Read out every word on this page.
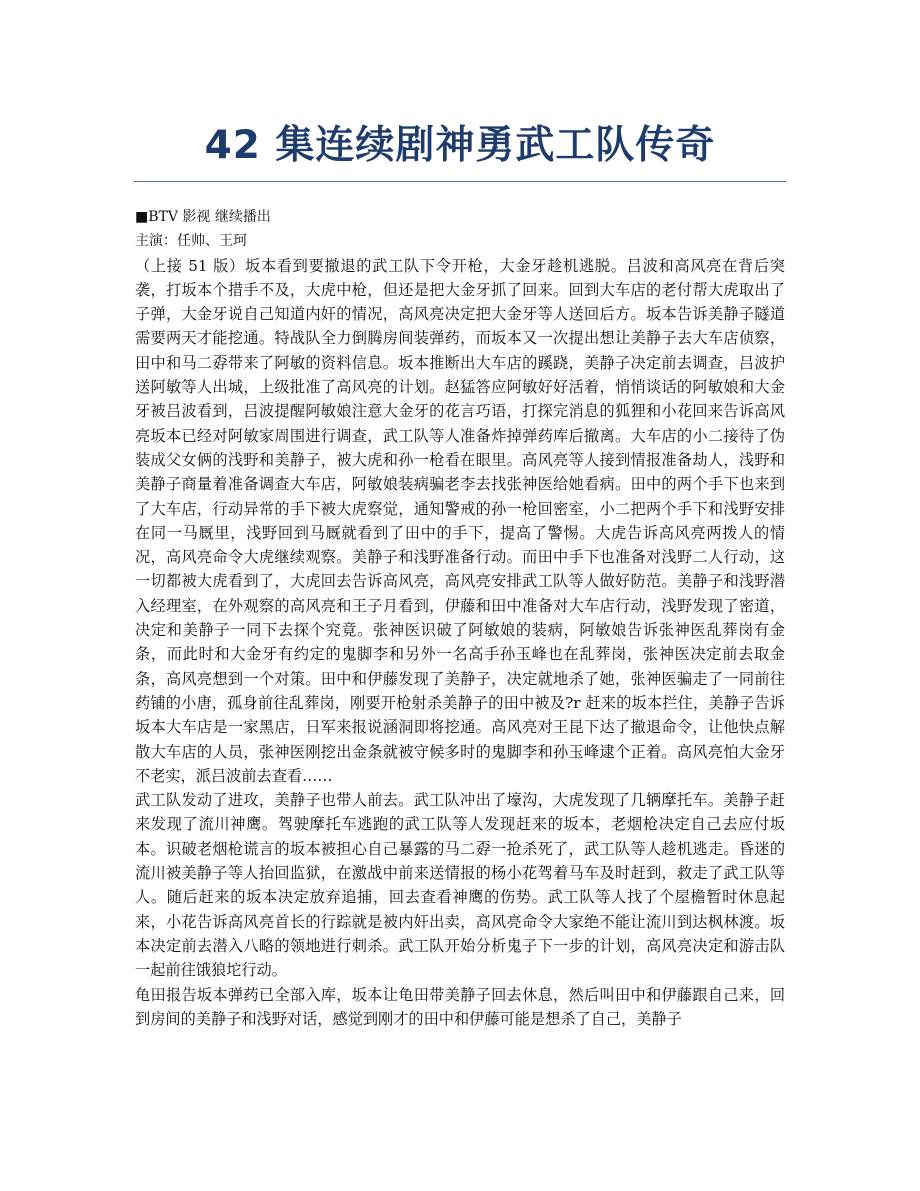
42 集连续剧神勇武工队传奇

■BTV 影视 继续播出

主演：任帅、王珂

（上接 51 版）坂本看到要撤退的武工队下令开枪，大金牙趁机逃脱。吕波和高风亮在背后突袭，打坂本个措手不及，大虎中枪，但还是把大金牙抓了回来。回到大车店的老付帮大虎取出了子弹，大金牙说自己知道内奸的情况，高风亮决定把大金牙等人送回后方。坂本告诉美静子隧道需要两天才能挖通。特战队全力倒腾房间装弹药，而坂本又一次提出想让美静子去大车店侦察，田中和马二孬带来了阿敏的资料信息。坂本推断出大车店的蹊跷，美静子决定前去调查，吕波护送阿敏等人出城，上级批准了高风亮的计划。赵猛答应阿敏好好活着，悄悄谈话的阿敏娘和大金牙被吕波看到，吕波提醒阿敏娘注意大金牙的花言巧语，打探完消息的狐狸和小花回来告诉高风亮坂本已经对阿敏家周围进行调查，武工队等人准备炸掉弹药库后撤离。大车店的小二接待了伪装成父女俩的浅野和美静子，被大虎和孙一枪看在眼里。高风亮等人接到情报准备劫人，浅野和美静子商量着准备调查大车店，阿敏娘装病骗老李去找张神医给她看病。田中的两个手下也来到了大车店，行动异常的手下被大虎察觉，通知警戒的孙一枪回密室，小二把两个手下和浅野安排在同一马厩里，浅野回到马厩就看到了田中的手下，提高了警惕。大虎告诉高风亮两拨人的情况，高风亮命令大虎继续观察。美静子和浅野准备行动。而田中手下也准备对浅野二人行动，这一切都被大虎看到了，大虎回去告诉高风亮，高风亮安排武工队等人做好防范。美静子和浅野潜入经理室，在外观察的高风亮和王子月看到，伊藤和田中准备对大车店行动，浅野发现了密道，决定和美静子一同下去探个究竟。张神医识破了阿敏娘的装病，阿敏娘告诉张神医乱葬岗有金条，而此时和大金牙有约定的鬼脚李和另外一名高手孙玉峰也在乱葬岗，张神医决定前去取金条，高风亮想到一个对策。田中和伊藤发现了美静子，决定就地杀了她，张神医骗走了一同前往药铺的小唐，孤身前往乱葬岗，刚要开枪射杀美静子的田中被及?r 赶来的坂本拦住，美静子告诉坂本大车店是一家黑店，日军来报说涵洞即将挖通。高风亮对王昆下达了撤退命令，让他快点解散大车店的人员，张神医刚挖出金条就被守候多时的鬼脚李和孙玉峰逮个正着。高风亮怕大金牙不老实，派吕波前去查看……

武工队发动了进攻，美静子也带人前去。武工队冲出了壕沟，大虎发现了几辆摩托车。美静子赶来发现了流川神鹰。驾驶摩托车逃跑的武工队等人发现赶来的坂本，老烟枪决定自己去应付坂本。识破老烟枪谎言的坂本被担心自己暴露的马二孬一抢杀死了，武工队等人趁机逃走。昏迷的流川被美静子等人抬回监狱，在激战中前来送情报的杨小花驾着马车及时赶到，救走了武工队等人。随后赶来的坂本决定放弃追捕，回去查看神鹰的伤势。武工队等人找了个屋檐暂时休息起来，小花告诉高风亮首长的行踪就是被内奸出卖，高风亮命令大家绝不能让流川到达枫林渡。坂本决定前去潜入八略的领地进行刺杀。武工队开始分析鬼子下一步的计划，高风亮决定和游击队一起前往饿狼坨行动。

龟田报告坂本弹药已全部入库，坂本让龟田带美静子回去休息，然后叫田中和伊藤跟自己来，回到房间的美静子和浅野对话，感觉到刚才的田中和伊藤可能是想杀了自己，美静子
